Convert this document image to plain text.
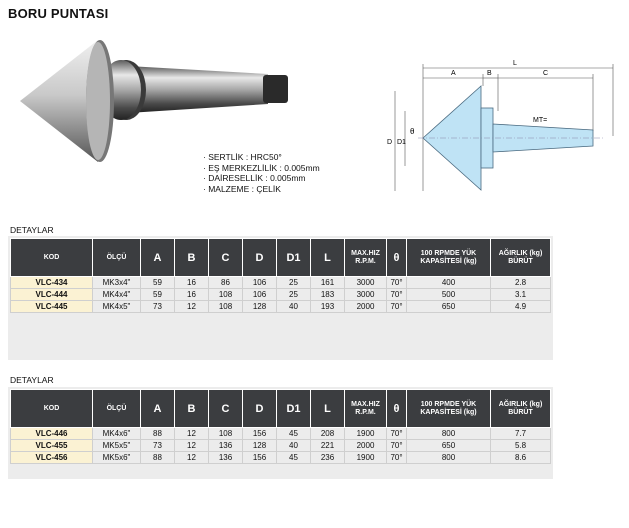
BORU PUNTASI
A	B	C
L
D D1
θ
MT=
· SERTLİK : HRC50°
· EŞ MERKEZLİLİK : 0.005mm
· DAİRESELLİK : 0.005mm
· MALZEME : ÇELİK
DETAYLAR
KOD	ÖLÇÜ	A	B	C	D	D1	L	MAX.HIZ R.P.M.	θ	100 RPMDE YÜK KAPASİTESİ (kg)	AĞIRLIK (kg) BÜRÜT
VLC-434	MK3x4"	59	16	86	106	25	161	3000	70°	400	2.8
VLC-444	MK4x4"	59	16	108	106	25	183	3000	70°	500	3.1
VLC-445	MK4x5"	73	12	108	128	40	193	2000	70°	650	4.9
DETAYLAR
KOD	ÖLÇÜ	A	B	C	D	D1	L	MAX.HIZ R.P.M.	θ	100 RPMDE YÜK KAPASİTESİ (kg)	AĞIRLIK (kg) BÜRÜT
VLC-446	MK4x6"	88	12	108	156	45	208	1900	70°	800	7.7
VLC-455	MK5x5"	73	12	136	128	40	221	2000	70°	650	5.8
VLC-456	MK5x6"	88	12	136	156	45	236	1900	70°	800	8.6
